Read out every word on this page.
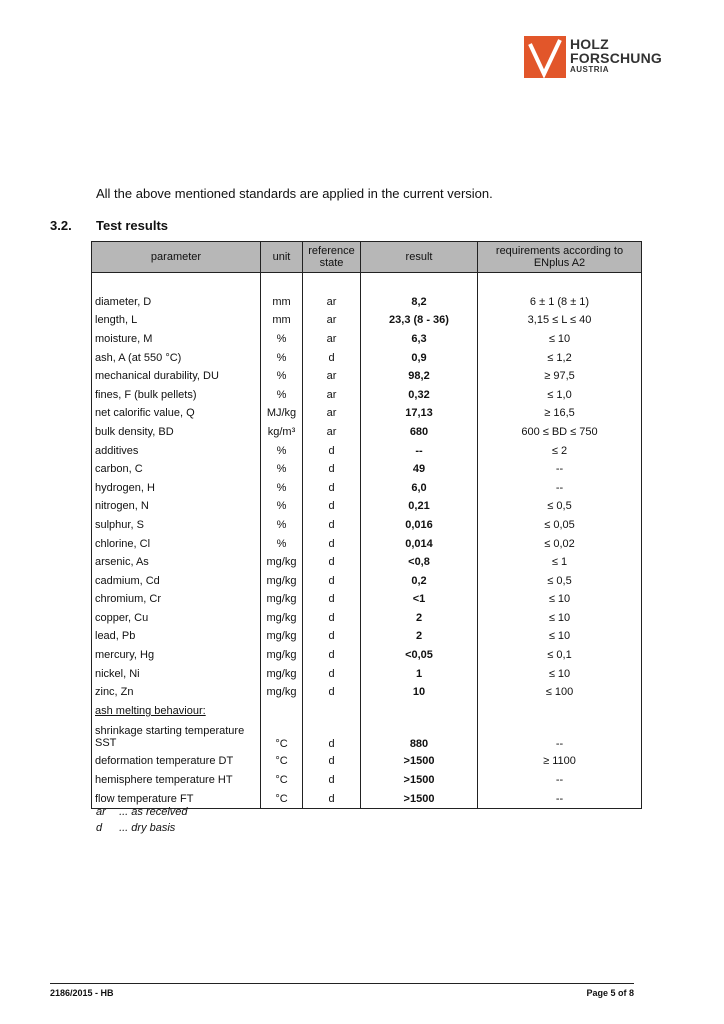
HOLZ
FORSCHUNG
AUSTRIA
All the above mentioned standards are applied in the current version.
3.2. Test results
parameter	unit	reference state	result	requirements according to ENplus A2

diameter, D	mm	ar	8,2	6 ± 1 (8 ± 1)
length, L	mm	ar	23,3 (8 - 36)	3,15 ≤ L ≤ 40
moisture, M	%	ar	6,3	≤ 10
ash, A (at 550 °C)	%	d	0,9	≤ 1,2
mechanical durability, DU	%	ar	98,2	≥ 97,5
fines, F (bulk pellets)	%	ar	0,32	≤ 1,0
net calorific value, Q	MJ/kg	ar	17,13	≥ 16,5
bulk density, BD	kg/m³	ar	680	600 ≤ BD ≤ 750
additives	%	d	--	≤ 2
carbon, C	%	d	49	--
hydrogen, H	%	d	6,0	--
nitrogen, N	%	d	0,21	≤ 0,5
sulphur, S	%	d	0,016	≤ 0,05
chlorine, Cl	%	d	0,014	≤ 0,02
arsenic, As	mg/kg	d	<0,8	≤ 1
cadmium, Cd	mg/kg	d	0,2	≤ 0,5
chromium, Cr	mg/kg	d	<1	≤ 10
copper, Cu	mg/kg	d	2	≤ 10
lead, Pb	mg/kg	d	2	≤ 10
mercury, Hg	mg/kg	d	<0,05	≤ 0,1
nickel, Ni	mg/kg	d	1	≤ 10
zinc, Zn	mg/kg	d	10	≤ 100
ash melting behaviour:				
shrinkage starting temperature SST	°C	d	880	--
deformation temperature DT	°C	d	>1500	≥ 1100
hemisphere temperature HT	°C	d	>1500	--
flow temperature FT	°C	d	>1500	--
ar ... as received
d ... dry basis
2186/2015 - HB	Page 5 of 8
